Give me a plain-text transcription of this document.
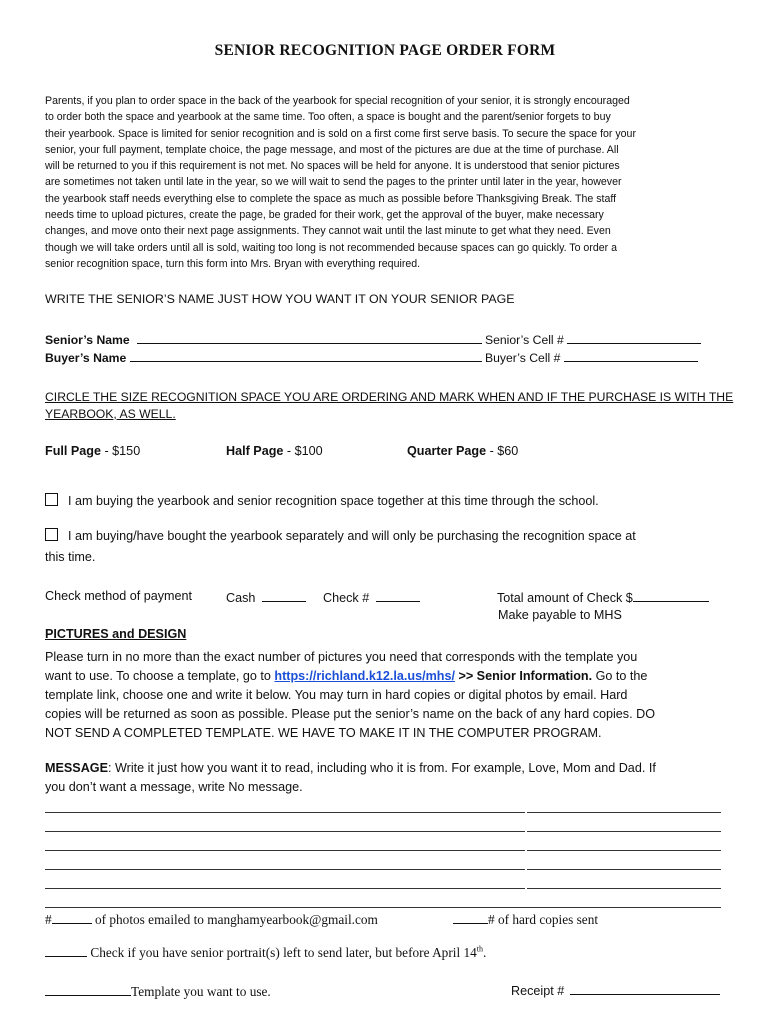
SENIOR RECOGNITION PAGE ORDER FORM
Parents, if you plan to order space in the back of the yearbook for special recognition of your senior, it is strongly encouraged
to order both the space and yearbook at the same time. Too often, a space is bought and the parent/senior forgets to buy
their yearbook. Space is limited for senior recognition and is sold on a first come first serve basis. To secure the space for your
senior, your full payment, template choice, the page message, and most of the pictures are due at the time of purchase. All
will be returned to you if this requirement is not met. No spaces will be held for anyone. It is understood that senior pictures
are sometimes not taken until late in the year, so we will wait to send the pages to the printer until later in the year, however
the yearbook staff needs everything else to complete the space as much as possible before Thanksgiving Break. The staff
needs time to upload pictures, create the page, be graded for their work, get the approval of the buyer, make necessary
changes, and move onto their next page assignments. They cannot wait until the last minute to get what they need. Even
though we will take orders until all is sold, waiting too long is not recommended because spaces can go quickly. To order a
senior recognition space, turn this form into Mrs. Bryan with everything required.
WRITE THE SENIOR’S NAME JUST HOW YOU WANT IT ON YOUR SENIOR PAGE
Senior’s Name	Senior’s Cell #
Buyer’s Name	Buyer’s Cell #
CIRCLE THE SIZE RECOGNITION SPACE YOU ARE ORDERING AND MARK WHEN AND IF THE PURCHASE IS WITH THE YEARBOOK, AS WELL.
Full Page - $150	Half Page - $100	Quarter Page - $60
I am buying the yearbook and senior recognition space together at this time through the school.
I am buying/have bought the yearbook separately and will only be purchasing the recognition space at
this time.
Check method of payment	Cash	Check #	Total amount of Check $
Make payable to MHS
PICTURES and DESIGN
Please turn in no more than the exact number of pictures you need that corresponds with the template you
want to use. To choose a template, go to https://richland.k12.la.us/mhs/ >> Senior Information. Go to the
template link, choose one and write it below. You may turn in hard copies or digital photos by email. Hard
copies will be returned as soon as possible. Please put the senior’s name on the back of any hard copies. DO
NOT SEND A COMPLETED TEMPLATE. WE HAVE TO MAKE IT IN THE COMPUTER PROGRAM.
MESSAGE: Write it just how you want it to read, including who it is from. For example, Love, Mom and Dad. If
you don’t want a message, write No message.
#	of photos emailed to manghamyearbook@gmail.com	# of hard copies sent
Check if you have senior portrait(s) left to send later, but before April 14th.
Template you want to use.	Receipt #
